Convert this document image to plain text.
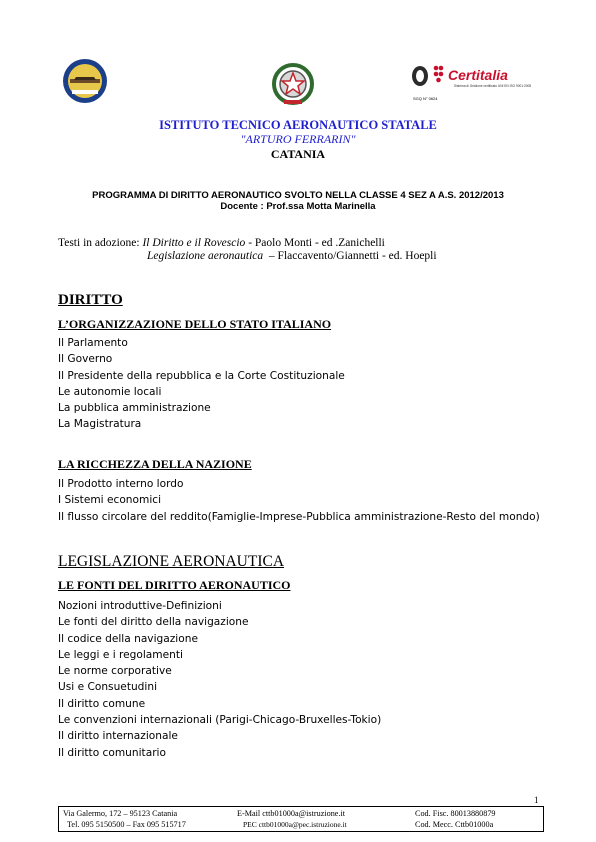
SGQ N° 0624
Certitalia
Sistema di Gestione certificato UNI EN ISO 9001:2008
ISTITUTO TECNICO AERONAUTICO STATALE
"ARTURO FERRARIN"
CATANIA
PROGRAMMA DI DIRITTO AERONAUTICO SVOLTO NELLA CLASSE 4 SEZ A A.S. 2012/2013
Docente : Prof.ssa Motta Marinella
Testi in adozione: Il Diritto e il Rovescio - Paolo Monti - ed .Zanichelli
Legislazione aeronautica  – Flaccavento/Giannetti - ed. Hoepli
DIRITTO
L’ORGANIZZAZIONE DELLO STATO ITALIANO
Il Parlamento
Il Governo
Il Presidente della repubblica e la Corte Costituzionale
Le autonomie locali
La pubblica amministrazione
La Magistratura
LA RICCHEZZA DELLA NAZIONE
Il Prodotto interno lordo
I Sistemi economici
Il flusso circolare del reddito(Famiglie-Imprese-Pubblica amministrazione-Resto del mondo)
LEGISLAZIONE AERONAUTICA
LE FONTI DEL DIRITTO AERONAUTICO
Nozioni introduttive-Definizioni
Le fonti del diritto della navigazione
Il codice della navigazione
Le leggi e i regolamenti
Le norme corporative
Usi e Consuetudini
Il diritto comune
Le convenzioni internazionali (Parigi-Chicago-Bruxelles-Tokio)
Il diritto internazionale
Il diritto comunitario
1
Via Galermo, 172 – 95123 Catania
Tel. 095 5150500 – Fax 095 515717
E-Mail cttb01000a@istruzione.it
PEC cttb01000a@pec.istruzione.it
Cod. Fisc. 80013880879
Cod. Mecc. Cttb01000a
